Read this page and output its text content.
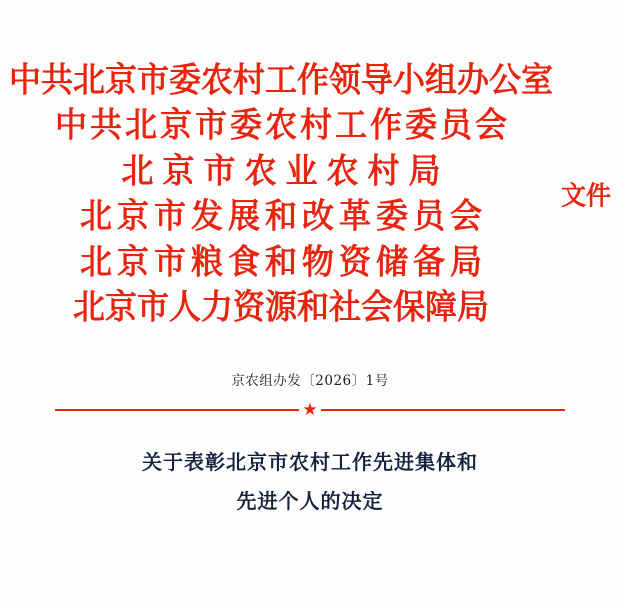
中共北京市委农村工作领导小组办公室
中共北京市委农村工作委员会
北京市农业农村局
北京市发展和改革委员会
北京市粮食和物资储备局
北京市人力资源和社会保障局
文件
京农组办发〔2026〕1号
★
关于表彰北京市农村工作先进集体和
先进个人的决定
